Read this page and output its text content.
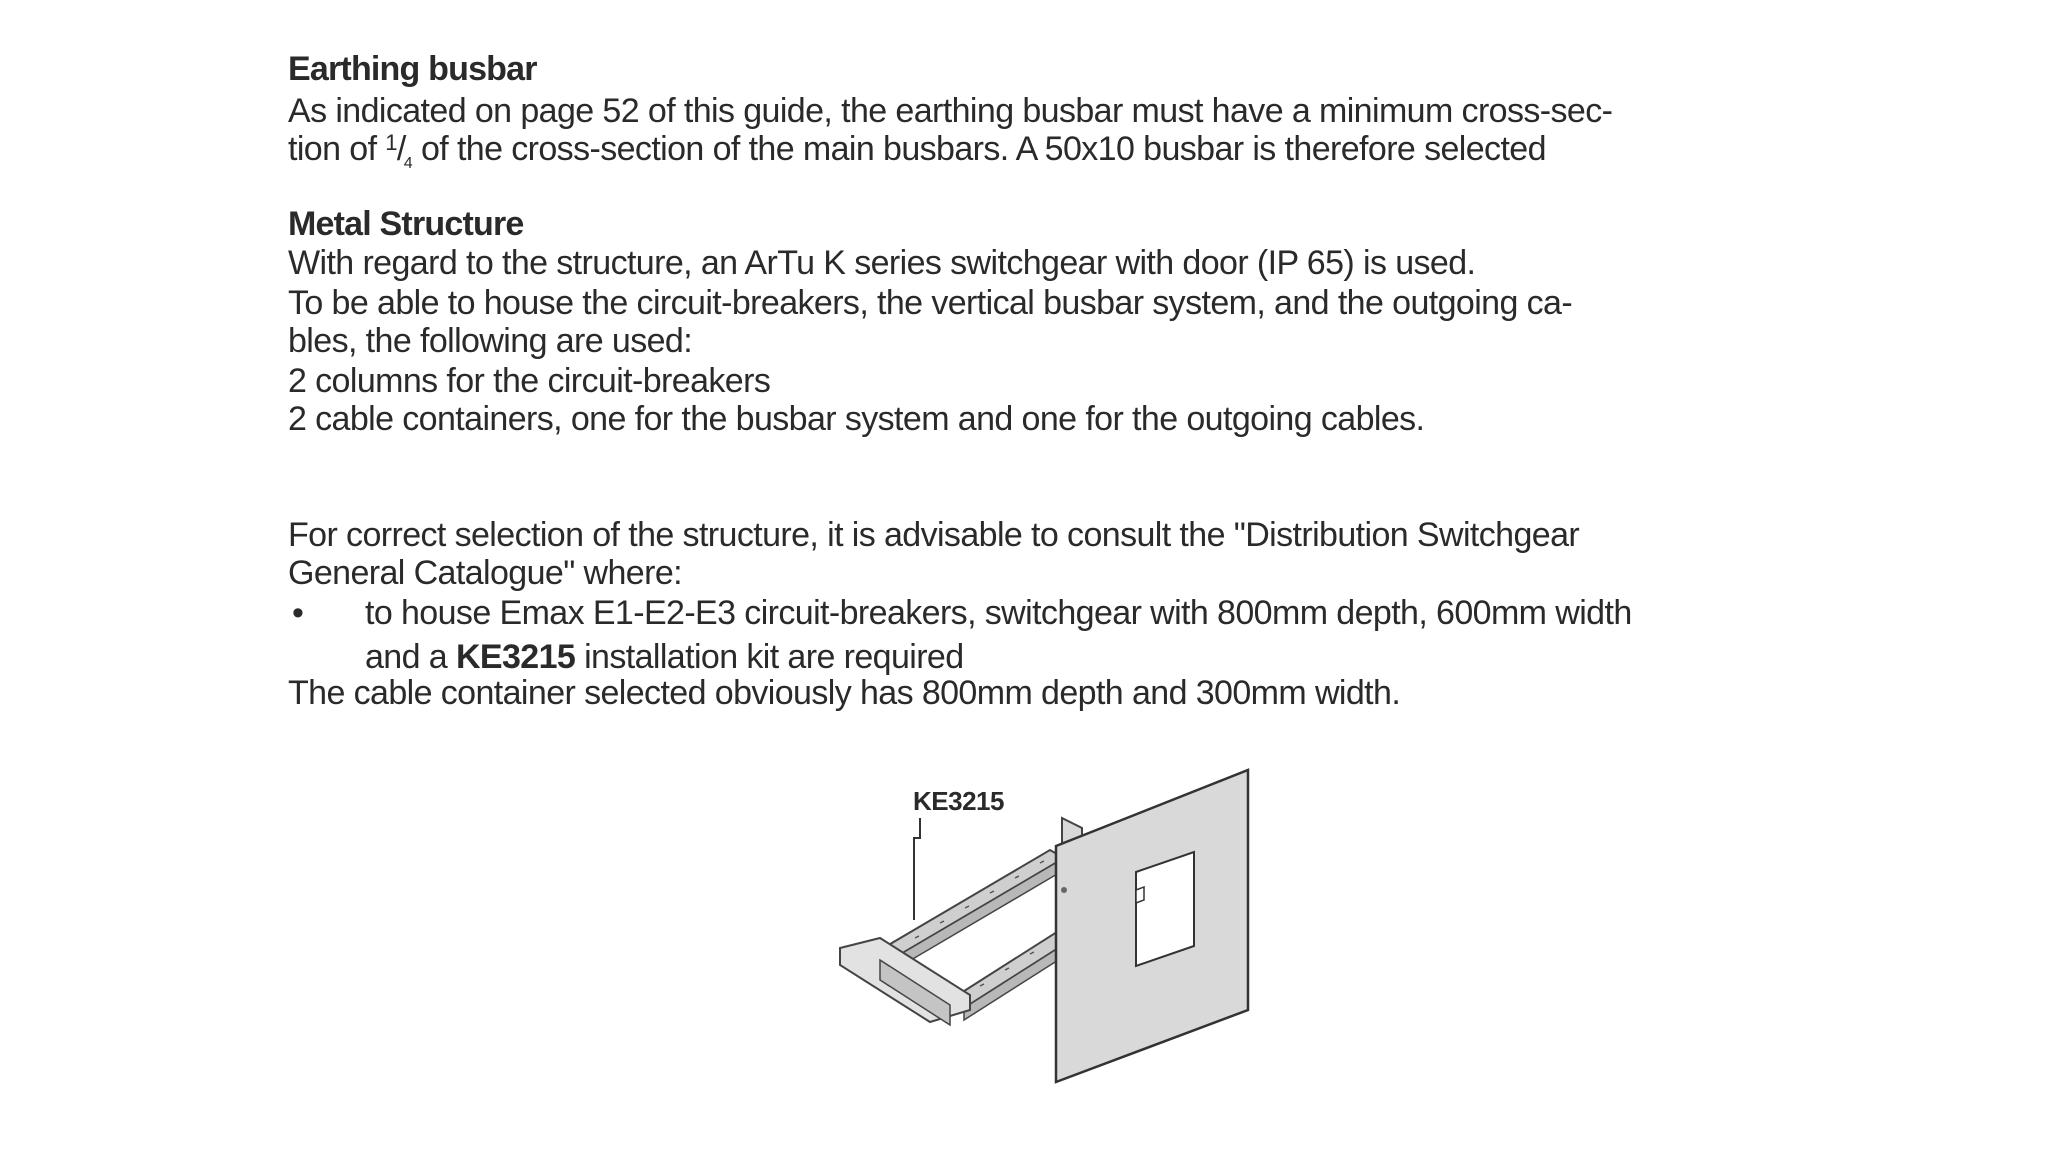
Earthing busbar
As indicated on page 52 of this guide, the earthing busbar must have a minimum cross-sec-
tion of $^1/_4$ of the cross-section of the main busbars. A 50x10 busbar is therefore selected
Metal Structure
With regard to the structure, an ArTu K series switchgear with door (IP 65) is used.
To be able to house the circuit-breakers, the vertical busbar system, and the outgoing ca-
bles, the following are used:
2 columns for the circuit-breakers
2 cable containers, one for the busbar system and one for the outgoing cables.
For correct selection of the structure, it is advisable to consult the "Distribution Switchgear
General Catalogue" where:
• to house Emax E1-E2-E3 circuit-breakers, switchgear with 800mm depth, 600mm width
and a KE3215 installation kit are required
The cable container selected obviously has 800mm depth and 300mm width.
KE3215
